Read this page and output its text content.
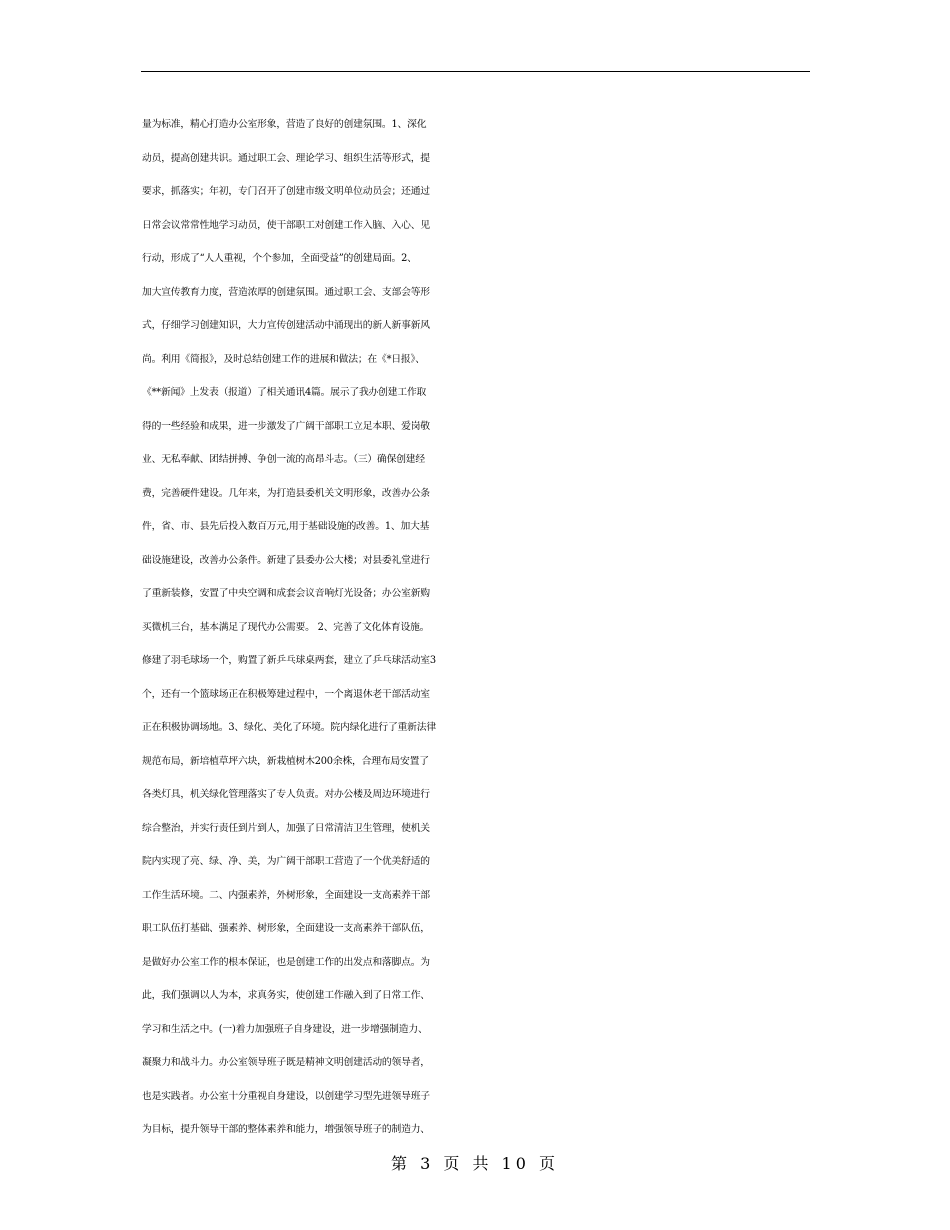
量为标准，精心打造办公室形象，营造了良好的创建氛围。1、深化
动员，提高创建共识。通过职工会、理论学习、组织生活等形式，提
要求，抓落实；年初，专门召开了创建市级文明单位动员会；还通过
日常会议常常性地学习动员，使干部职工对创建工作入脑、入心、见
行动，形成了“人人重视，个个参加，全面受益”的创建局面。2、
加大宣传教育力度，营造浓厚的创建氛围。通过职工会、支部会等形
式，仔细学习创建知识，大力宣传创建活动中涌现出的新人新事新风
尚。利用《简报》，及时总结创建工作的进展和做法；在《*日报》、
《**新闻》上发表（报道）了相关通讯4篇。展示了我办创建工作取
得的一些经验和成果，进一步激发了广阔干部职工立足本职、爱岗敬
业、无私奉献、团结拼搏、争创一流的高昂斗志。（三）确保创建经
费，完善硬件建设。几年来，为打造县委机关文明形象，改善办公条
件，省、市、县先后投入数百万元,用于基础设施的改善。1、加大基
础设施建设，改善办公条件。新建了县委办公大楼；对县委礼堂进行
了重新装修，安置了中央空调和成套会议音响灯光设备；办公室新购
买微机三台，基本满足了现代办公需要。 2、完善了文化体育设施。
修建了羽毛球场一个，购置了新乒乓球桌两套，建立了乒乓球活动室3
个，还有一个篮球场正在积极筹建过程中，一个离退休老干部活动室
正在积极协调场地。3、绿化、美化了环境。院内绿化进行了重新法律
规范布局，新培植草坪六块，新栽植树木200余株，合理布局安置了
各类灯具，机关绿化管理落实了专人负责。对办公楼及周边环境进行
综合整治，并实行责任到片到人，加强了日常清洁卫生管理，使机关
院内实现了亮、绿、净、美，为广阔干部职工营造了一个优美舒适的
工作生活环境。二、内强素养，外树形象，全面建设一支高素养干部
职工队伍打基础、强素养、树形象，全面建设一支高素养干部队伍，
是做好办公室工作的根本保证，也是创建工作的出发点和落脚点。为
此，我们强调以人为本，求真务实，使创建工作融入到了日常工作、
学习和生活之中。(一)着力加强班子自身建设，进一步增强制造力、
凝聚力和战斗力。办公室领导班子既是精神文明创建活动的领导者，
也是实践者。办公室十分重视自身建设，以创建学习型先进领导班子
为目标，提升领导干部的整体素养和能力，增强领导班子的制造力、
第 3 页 共 10 页
